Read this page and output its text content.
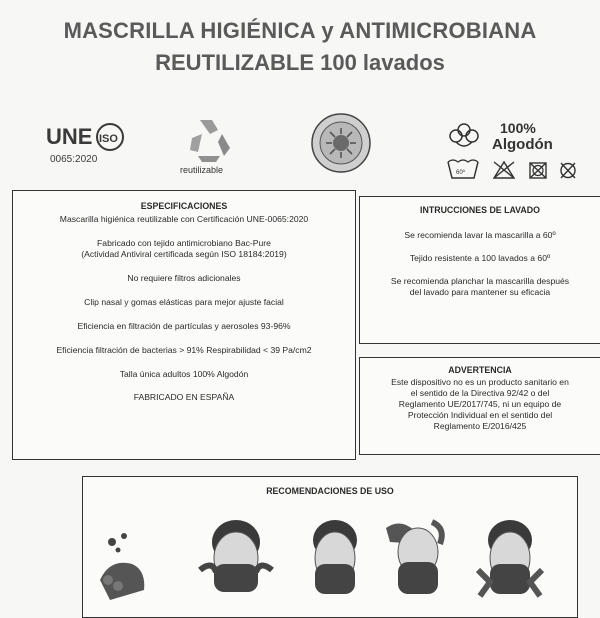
MASCRILLA HIGIÉNICA y ANTIMICROBIANA
REUTILIZABLE 100 lavados
UNE ISO
0065:2020
reutilizable
100%
Algodón
60º

ESPECIFICACIONES

Mascarilla higiénica reutilizable con Certificación UNE-0065:2020

Fabricado con tejido antimicrobiano Bac-Pure

(Actividad Antiviral certificada según ISO 18184:2019)

No requiere filtros adicionales

Clip nasal y gomas elásticas para mejor ajuste facial

Eficiencia en filtración de partículas y aerosoles 93-96%

Eficiencia filtración de bacterias > 91% Respirabilidad < 39 Pa/cm2

Talla única adultos 100% Algodón

FABRICADO EN ESPAÑA

INTRUCCIONES DE LAVADO

Se recomienda lavar la mascarilla a 60º

Tejido resistente a 100 lavados a 60º

Se recomienda planchar la mascarilla después

del lavado para mantener su eficacia

ADVERTENCIA

Este dispositivo no es un producto sanitario en

el sentido de la Directiva 92/42 o del

Reglamento UE/2017/745, ni un equipo de

Protección Individual en el sentido del

Reglamento E/2016/425

RECOMENDACIONES DE USO
